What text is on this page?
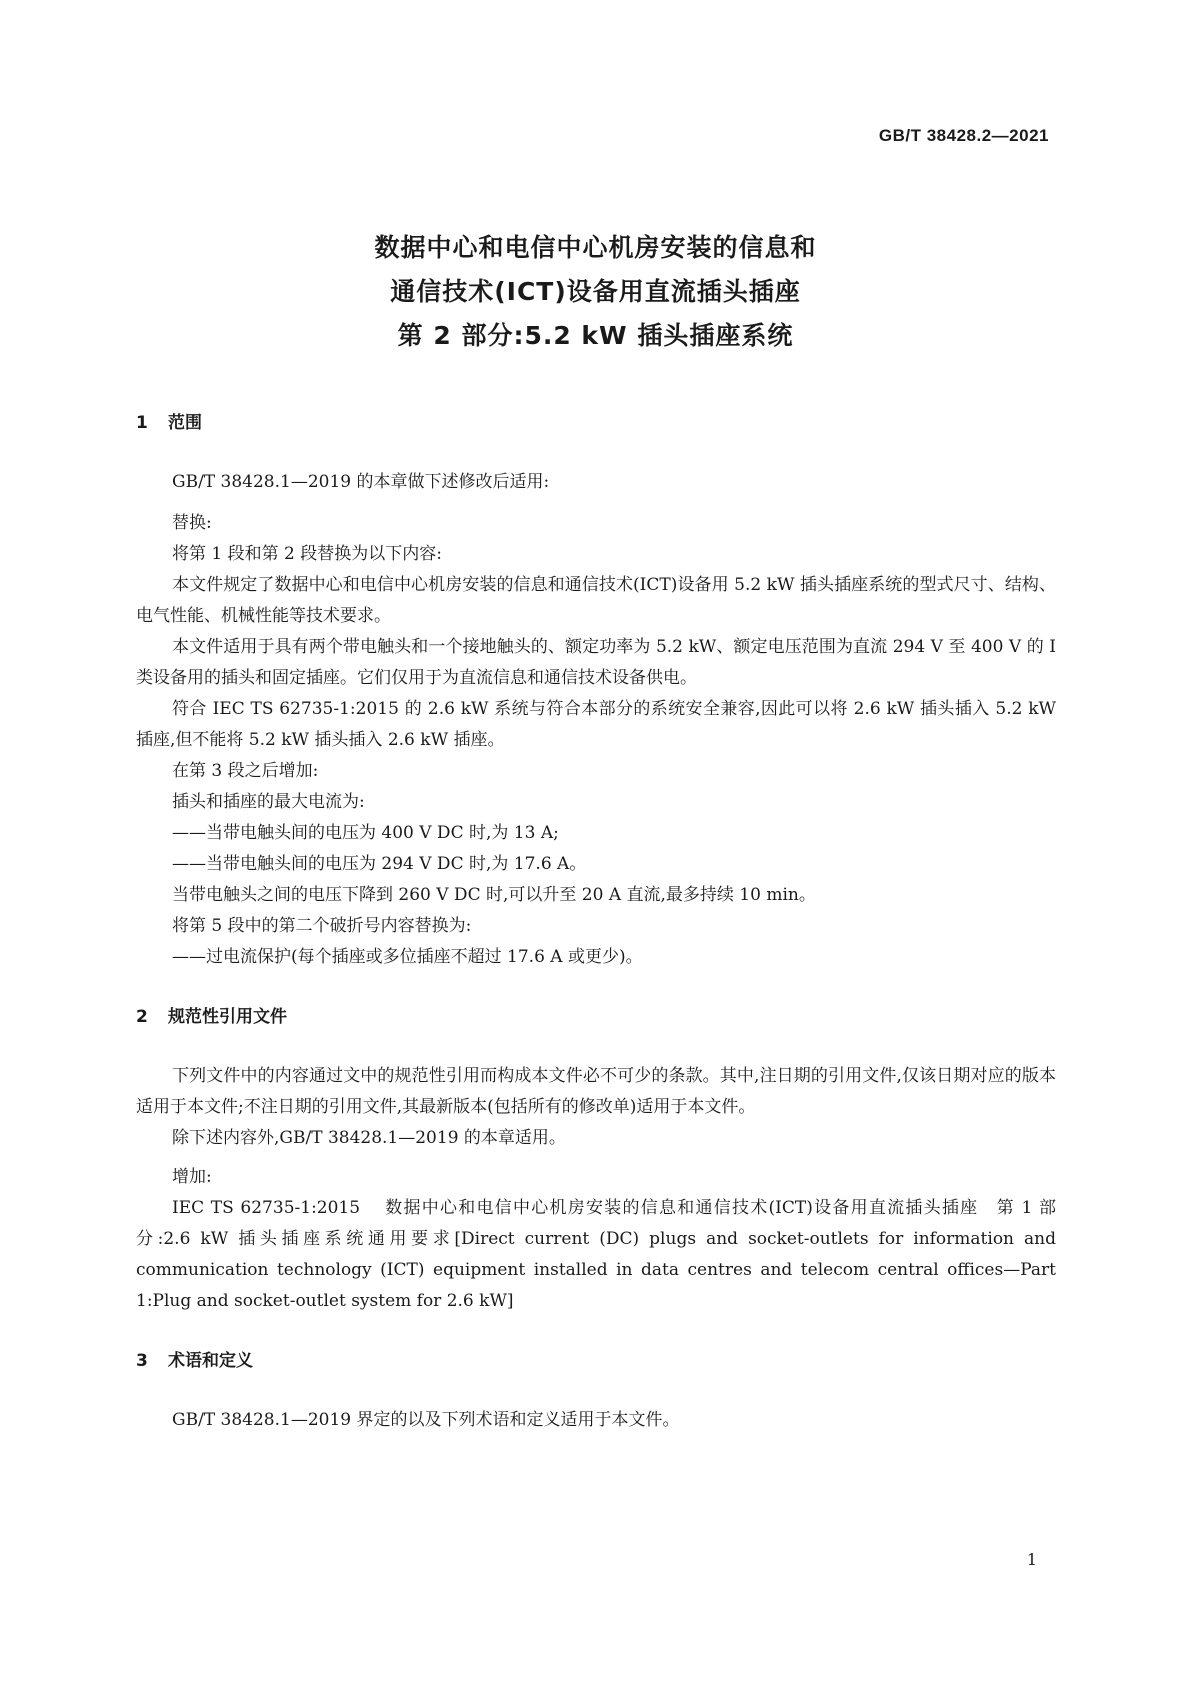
GB/T 38428.2—2021
数据中心和电信中心机房安装的信息和
通信技术(ICT)设备用直流插头插座
第 2 部分:5.2 kW 插头插座系统
1 范围

GB/T 38428.1—2019 的本章做下述修改后适用:

替换:

将第 1 段和第 2 段替换为以下内容:

本文件规定了数据中心和电信中心机房安装的信息和通信技术(ICT)设备用 5.2 kW 插头插座系统的型式尺寸、结构、电气性能、机械性能等技术要求。

本文件适用于具有两个带电触头和一个接地触头的、额定功率为 5.2 kW、额定电压范围为直流 294 V 至 400 V 的 Ⅰ 类设备用的插头和固定插座。它们仅用于为直流信息和通信技术设备供电。

符合 IEC TS 62735-1:2015 的 2.6 kW 系统与符合本部分的系统安全兼容,因此可以将 2.6 kW 插头插入 5.2 kW 插座,但不能将 5.2 kW 插头插入 2.6 kW 插座。

在第 3 段之后增加:

插头和插座的最大电流为:

——当带电触头间的电压为 400 V DC 时,为 13 A;

——当带电触头间的电压为 294 V DC 时,为 17.6 A。

当带电触头之间的电压下降到 260 V DC 时,可以升至 20 A 直流,最多持续 10 min。

将第 5 段中的第二个破折号内容替换为:

——过电流保护(每个插座或多位插座不超过 17.6 A 或更少)。

2 规范性引用文件

下列文件中的内容通过文中的规范性引用而构成本文件必不可少的条款。其中,注日期的引用文件,仅该日期对应的版本适用于本文件;不注日期的引用文件,其最新版本(包括所有的修改单)适用于本文件。

除下述内容外,GB/T 38428.1—2019 的本章适用。

增加:

IEC TS 62735-1:2015 数据中心和电信中心机房安装的信息和通信技术(ICT)设备用直流插头插座　第 1 部分:2.6 kW 插头插座系统通用要求[Direct current (DC) plugs and socket-outlets for information and communication technology (ICT) equipment installed in data centres and telecom central offices—Part 1:Plug and socket-outlet system for 2.6 kW]

3 术语和定义

GB/T 38428.1—2019 界定的以及下列术语和定义适用于本文件。

1
